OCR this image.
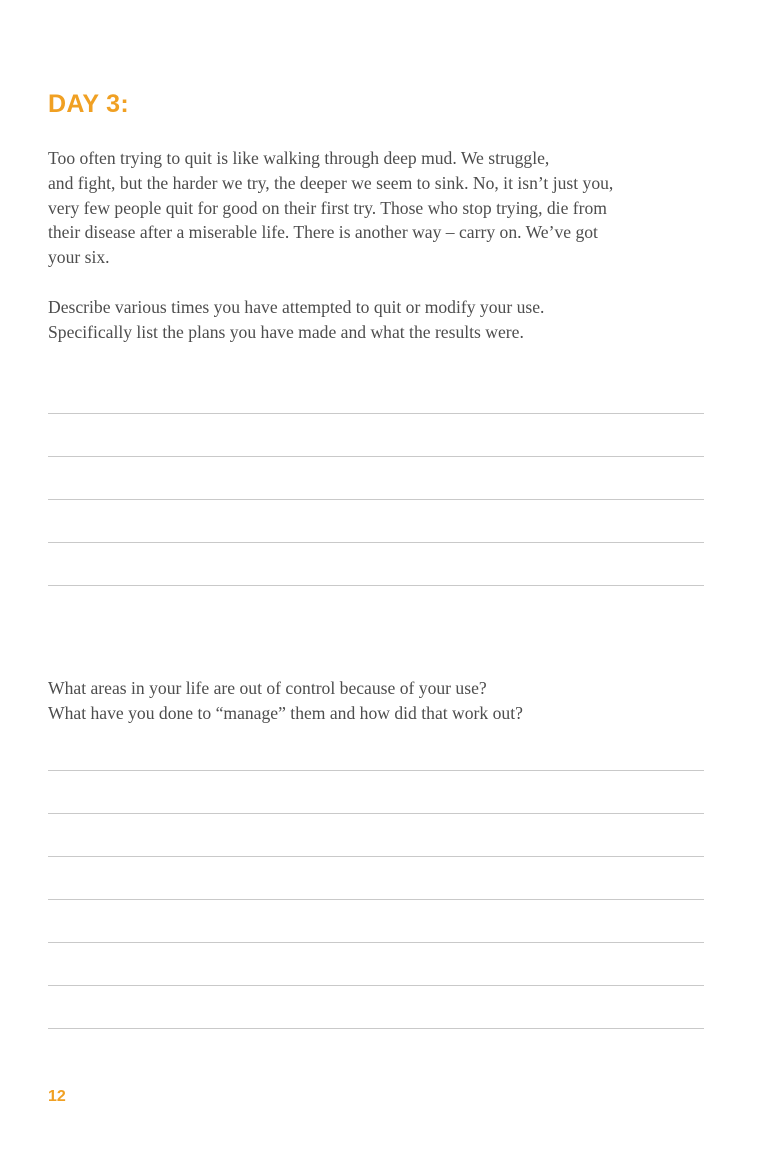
DAY 3:

Too often trying to quit is like walking through deep mud. We struggle,
and fight, but the harder we try, the deeper we seem to sink. No, it isn’t just you,
very few people quit for good on their first try. Those who stop trying, die from
their disease after a miserable life. There is another way – carry on. We’ve got
your six.

Describe various times you have attempted to quit or modify your use.
Specifically list the plans you have made and what the results were.

What areas in your life are out of control because of your use?
What have you done to “manage” them and how did that work out?

12
